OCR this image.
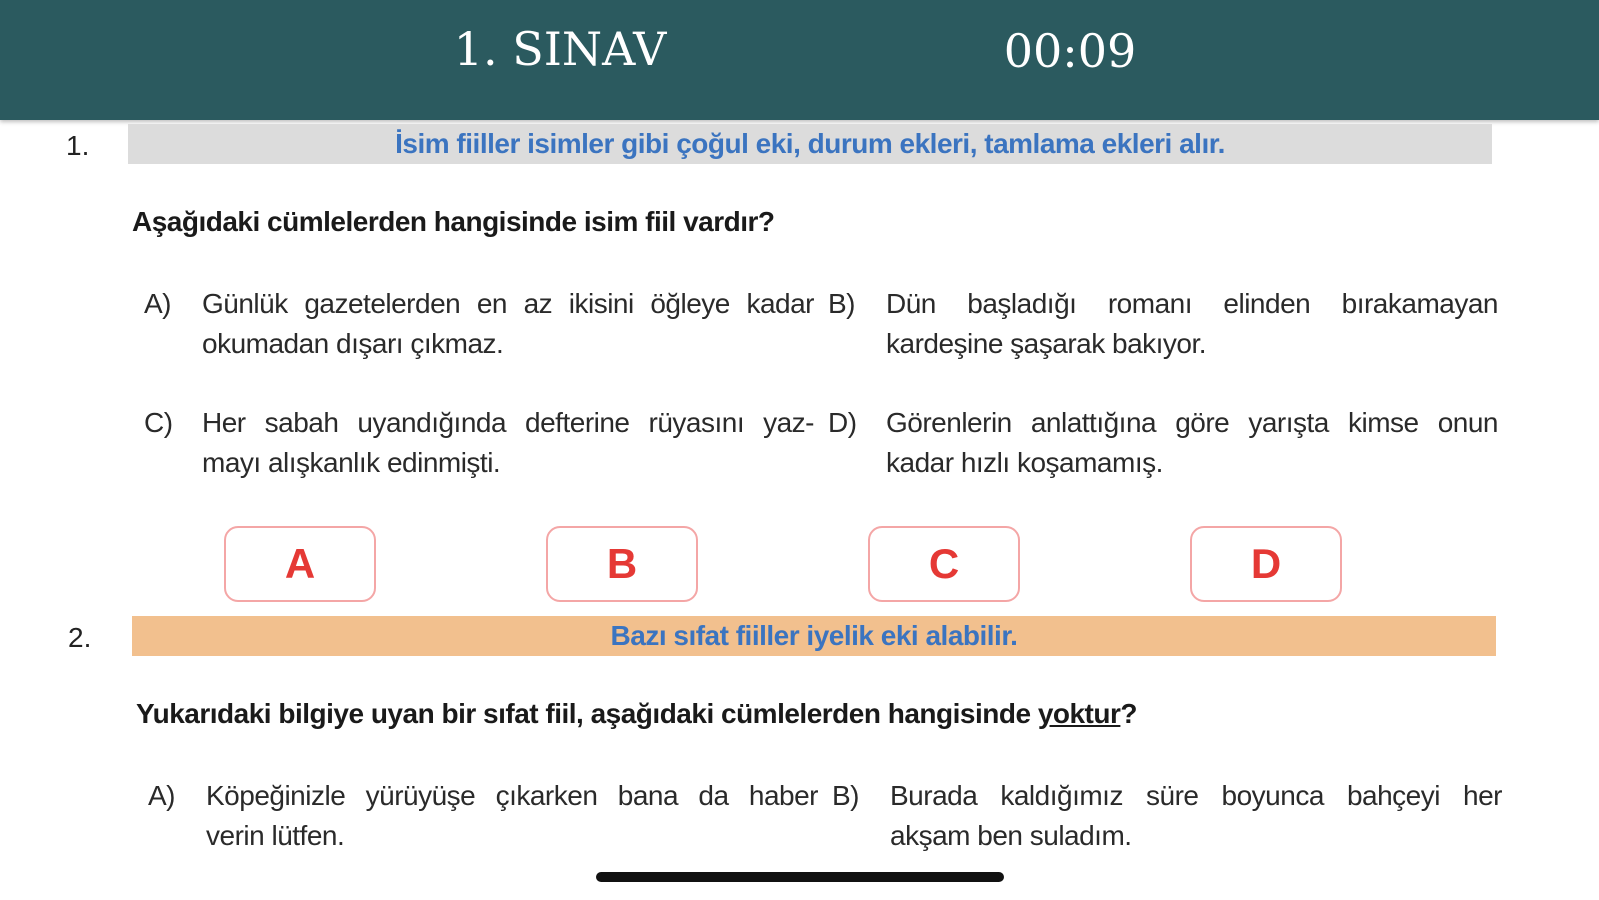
1. SINAV	00:09
1.	İsim fiiller isimler gibi çoğul eki, durum ekleri, tamlama ekleri alır.
Aşağıdaki cümlelerden hangisinde isim fiil vardır?
A)	Günlük gazetelerden en az ikisini öğleye kadar okumadan dışarı çıkmaz.
B)	Dün başladığı romanı elinden bırakamayan kardeşine şaşarak bakıyor.
C)	Her sabah uyandığında defterine rüyasını yaz-mayı alışkanlık edinmişti.
D)	Görenlerin anlattığına göre yarışta kimse onun kadar hızlı koşamamış.
A	B	C	D
2.	Bazı sıfat fiiller iyelik eki alabilir.
Yukarıdaki bilgiye uyan bir sıfat fiil, aşağıdaki cümlelerden hangisinde yoktur?
A)	Köpeğinizle yürüyüşe çıkarken bana da haber verin lütfen.
B)	Burada kaldığımız süre boyunca bahçeyi her akşam ben suladım.
